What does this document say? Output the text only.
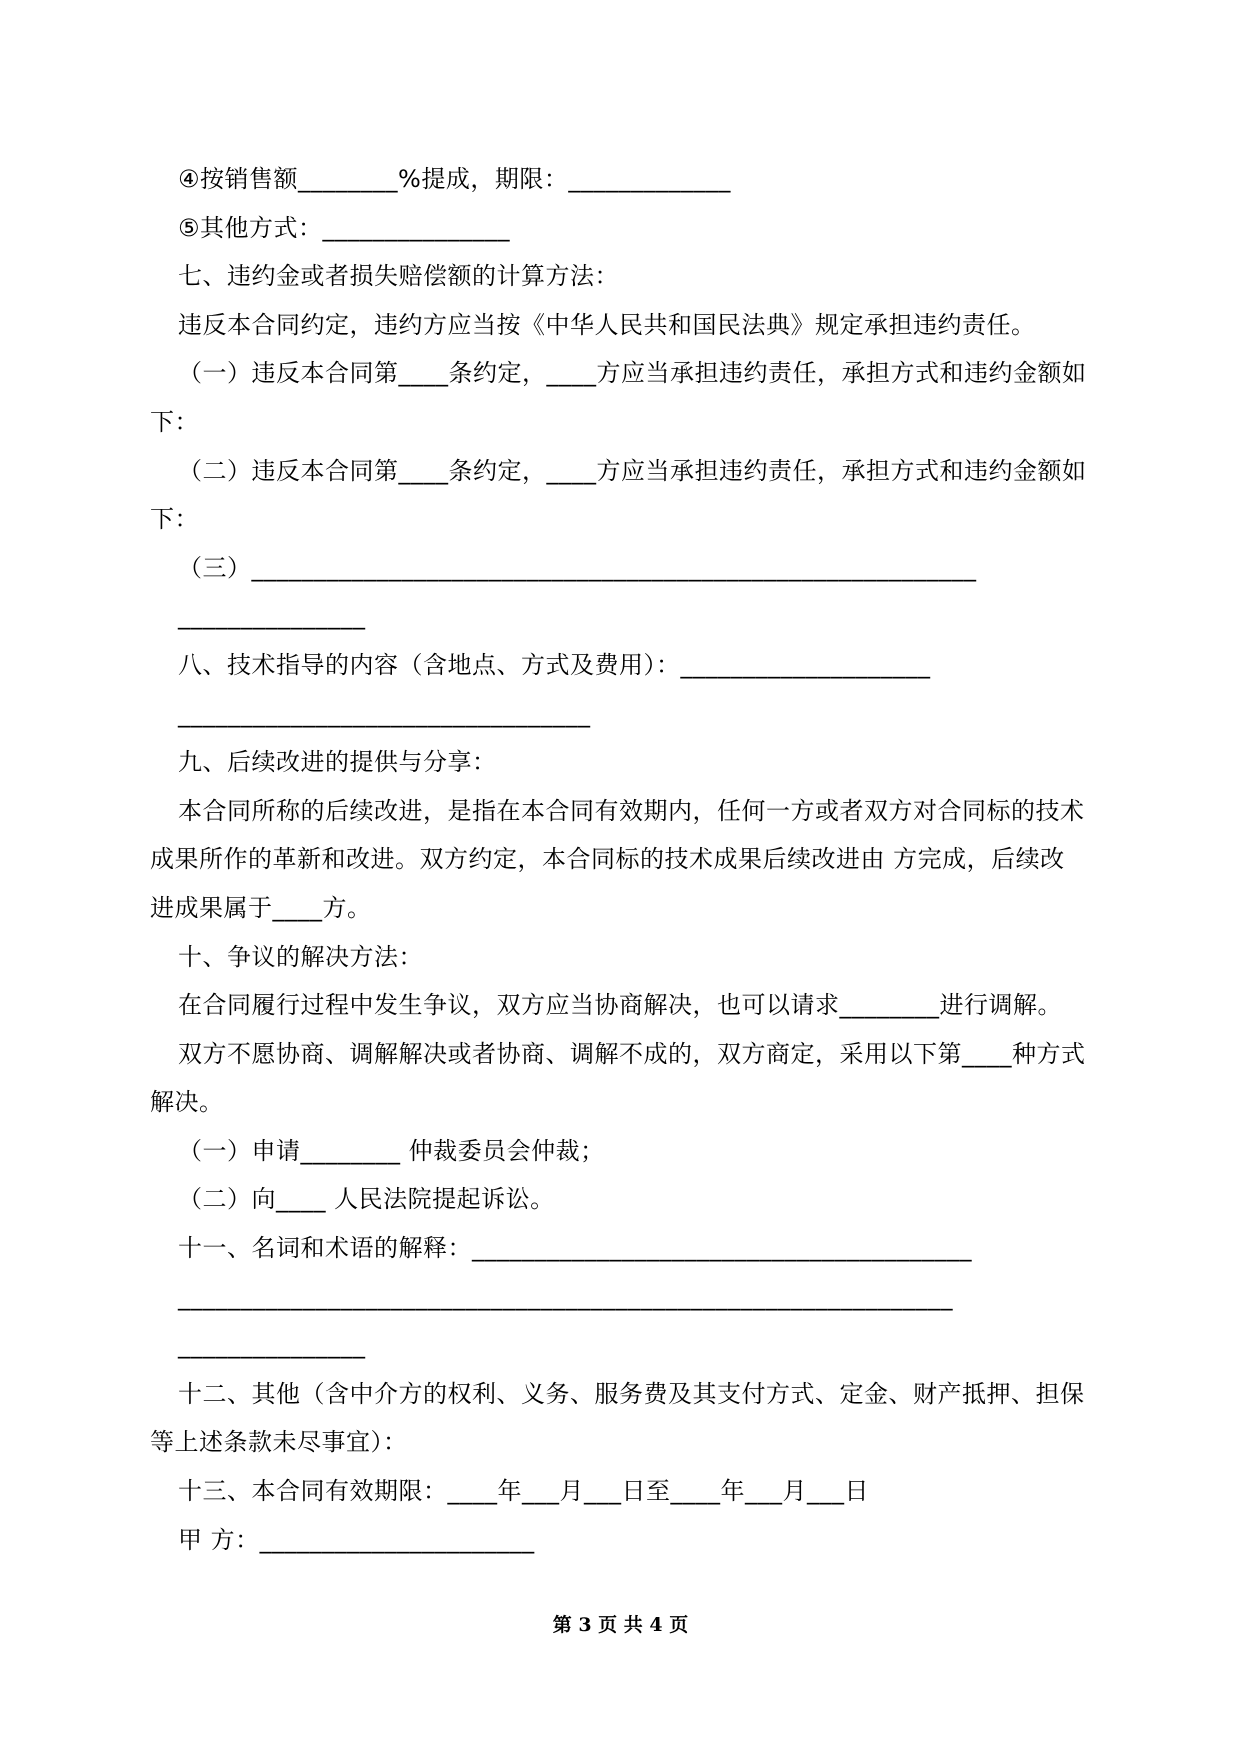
④按销售额________%提成，期限：_____________
⑤其他方式：_______________
七、违约金或者损失赔偿额的计算方法：
违反本合同约定，违约方应当按《中华人民共和国民法典》规定承担违约责任。
（一）违反本合同第____条约定，____方应当承担违约责任，承担方式和违约金额如
下：
（二）违反本合同第____条约定，____方应当承担违约责任，承担方式和违约金额如
下：
（三）__________________________________________________________
_______________
八、技术指导的内容（含地点、方式及费用）：____________________
_________________________________
九、后续改进的提供与分享：
本合同所称的后续改进，是指在本合同有效期内，任何一方或者双方对合同标的技术
成果所作的革新和改进。双方约定，本合同标的技术成果后续改进由 方完成，后续改
进成果属于____方。
十、争议的解决方法：
在合同履行过程中发生争议，双方应当协商解决，也可以请求________进行调解。
双方不愿协商、调解解决或者协商、调解不成的，双方商定，采用以下第____种方式
解决。
（一）申请________ 仲裁委员会仲裁；
（二）向____ 人民法院提起诉讼。
十一、名词和术语的解释：________________________________________
______________________________________________________________
_______________
十二、其他（含中介方的权利、义务、服务费及其支付方式、定金、财产抵押、担保
等上述条款未尽事宜）：
十三、本合同有效期限：____年___月___日至____年___月___日
甲 方：______________________
第 3 页 共 4 页
